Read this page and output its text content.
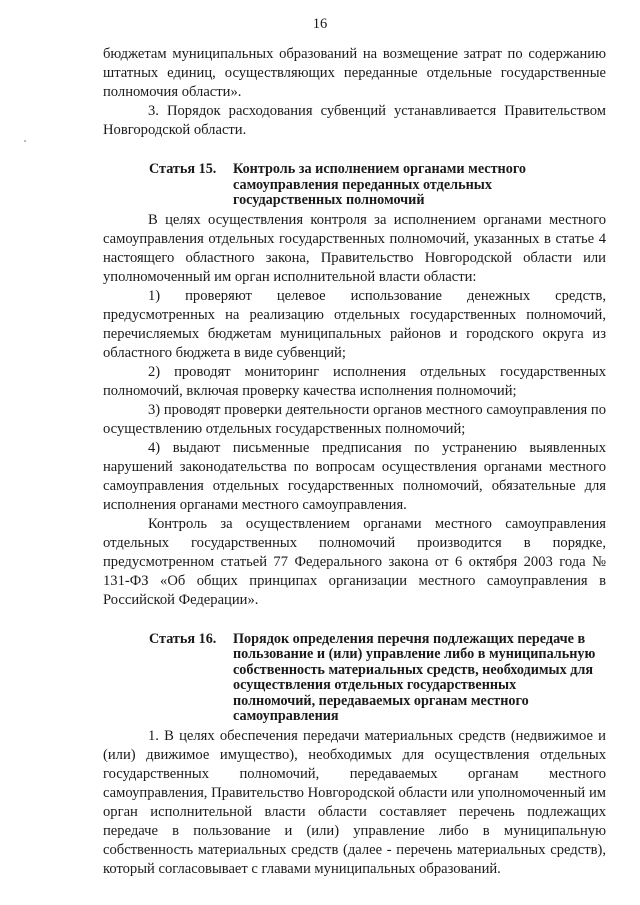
16

бюджетам муниципальных образований на возмещение затрат по содержанию штатных единиц, осуществляющих переданные отдельные государственные полномочия области».

3. Порядок расходования субвенций устанавливается Правительством Новгородской области.

Статья 15.	Контроль за исполнением органами местного самоуправления переданных отдельных государственных полномочий

В целях осуществления контроля за исполнением органами местного самоуправления отдельных государственных полномочий, указанных в статье 4 настоящего областного закона, Правительство Новгородской области или уполномоченный им орган исполнительной власти области:

1) проверяют целевое использование денежных средств, предусмотренных на реализацию отдельных государственных полномочий, перечисляемых бюджетам муниципальных районов и городского округа из областного бюджета в виде субвенций;

2) проводят мониторинг исполнения отдельных государственных полномочий, включая проверку качества исполнения полномочий;

3) проводят проверки деятельности органов местного самоуправления по осуществлению отдельных государственных полномочий;

4) выдают письменные предписания по устранению выявленных нарушений законодательства по вопросам осуществления органами местного самоуправления отдельных государственных полномочий, обязательные для исполнения органами местного самоуправления.

Контроль за осуществлением органами местного самоуправления отдельных государственных полномочий производится в порядке, предусмотренном статьей 77 Федерального закона от 6 октября 2003 года № 131-ФЗ «Об общих принципах организации местного самоуправления в Российской Федерации».

Статья 16.	Порядок определения перечня подлежащих передаче в пользование и (или) управление либо в муниципальную собственность материальных средств, необходимых для осуществления отдельных государственных полномочий, передаваемых органам местного самоуправления

1. В целях обеспечения передачи материальных средств (недвижимое и (или) движимое имущество), необходимых для осуществления отдельных государственных полномочий, передаваемых органам местного самоуправления, Правительство Новгородской области или уполномоченный им орган исполнительной власти области составляет перечень подлежащих передаче в пользование и (или) управление либо в муниципальную собственность материальных средств (далее - перечень материальных средств), который согласовывает с главами муниципальных образований.
